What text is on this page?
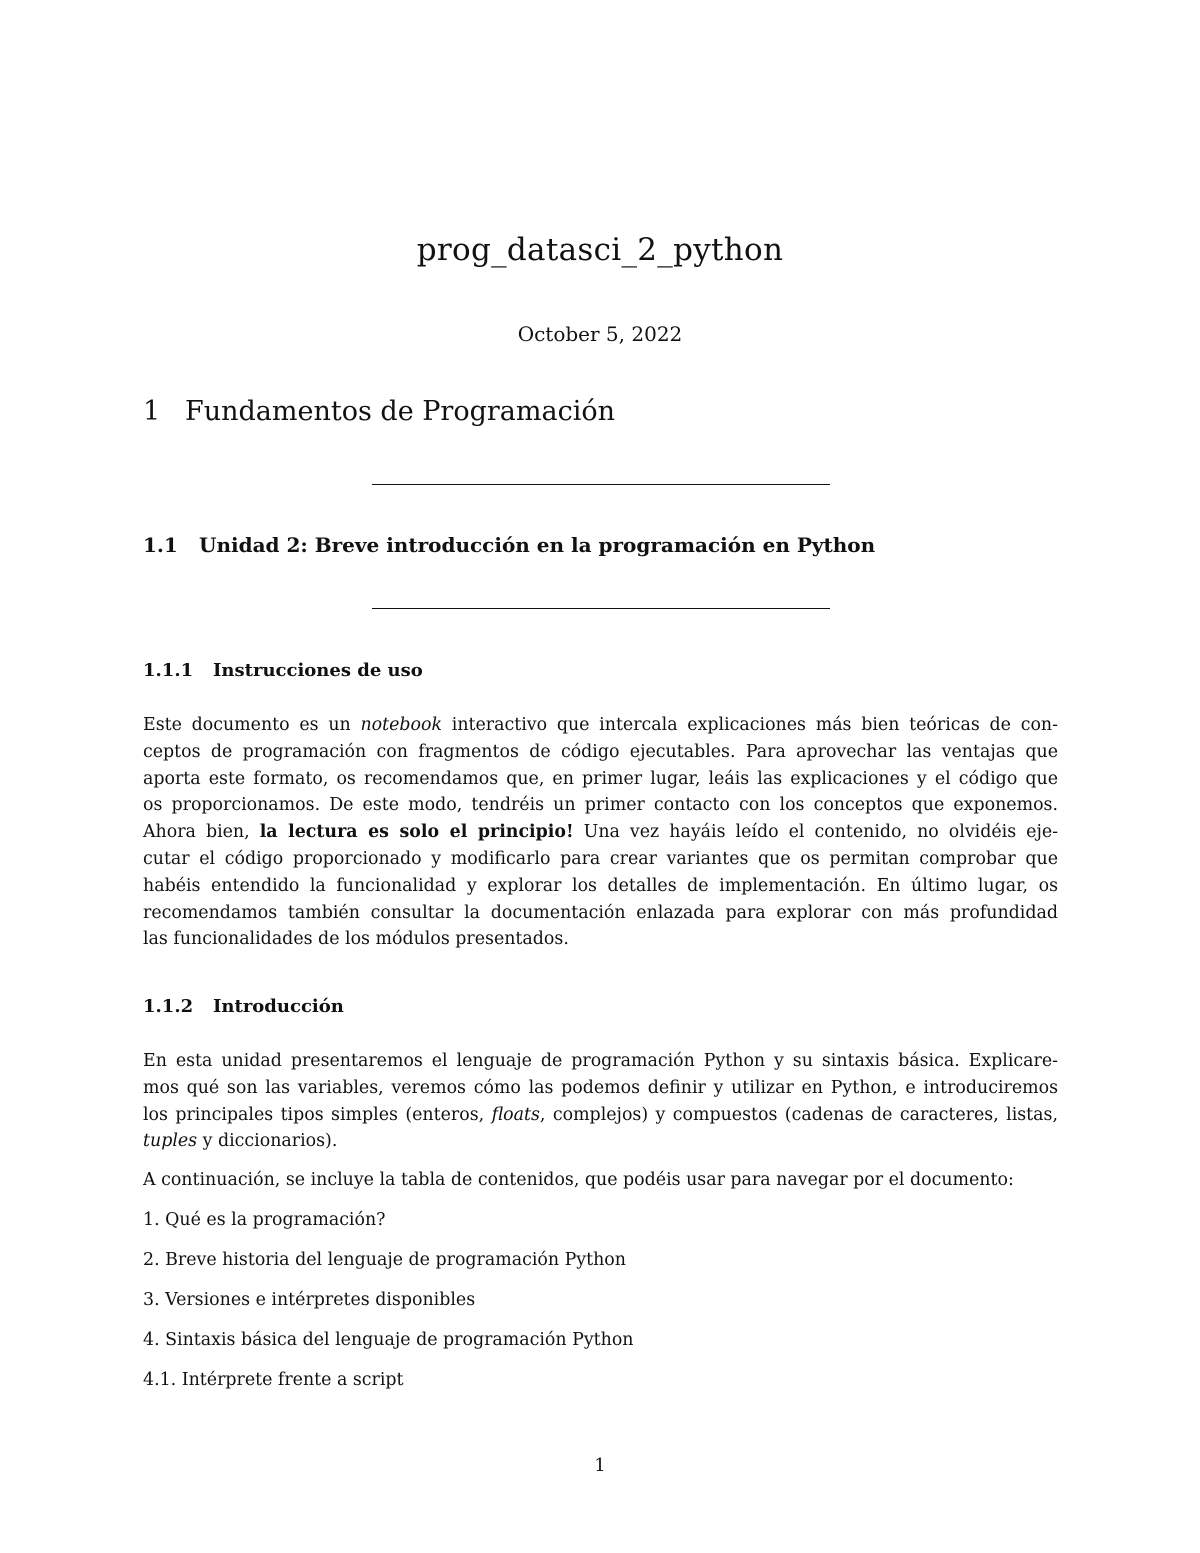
prog_datasci_2_python
October 5, 2022
1 Fundamentos de Programación
1.1 Unidad 2: Breve introducción en la programación en Python
1.1.1 Instrucciones de uso
Este documento es un notebook interactivo que intercala explicaciones más bien teóricas de con-
ceptos de programación con fragmentos de código ejecutables. Para aprovechar las ventajas que
aporta este formato, os recomendamos que, en primer lugar, leáis las explicaciones y el código que
os proporcionamos. De este modo, tendréis un primer contacto con los conceptos que exponemos.
Ahora bien, la lectura es solo el principio! Una vez hayáis leído el contenido, no olvidéis eje-
cutar el código proporcionado y modificarlo para crear variantes que os permitan comprobar que
habéis entendido la funcionalidad y explorar los detalles de implementación. En último lugar, os
recomendamos también consultar la documentación enlazada para explorar con más profundidad
las funcionalidades de los módulos presentados.
1.1.2 Introducción
En esta unidad presentaremos el lenguaje de programación Python y su sintaxis básica. Explicare-
mos qué son las variables, veremos cómo las podemos definir y utilizar en Python, e introduciremos
los principales tipos simples (enteros, floats, complejos) y compuestos (cadenas de caracteres, listas,
tuples y diccionarios).
A continuación, se incluye la tabla de contenidos, que podéis usar para navegar por el documento:
1. Qué es la programación?
2. Breve historia del lenguaje de programación Python
3. Versiones e intérpretes disponibles
4. Sintaxis básica del lenguaje de programación Python
4.1. Intérprete frente a script
1
